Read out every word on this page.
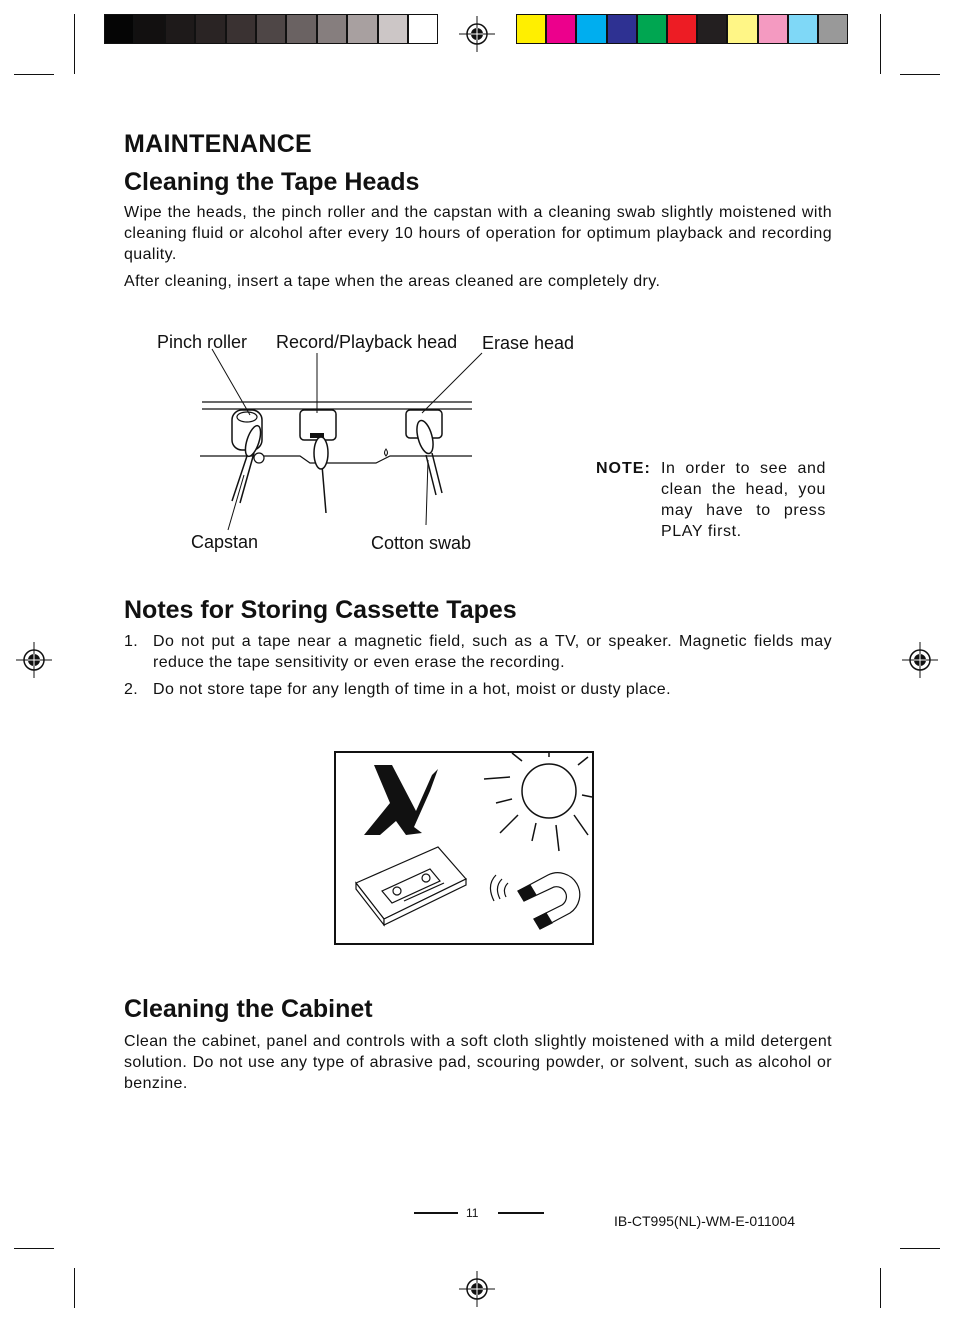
MAINTENANCE
Cleaning the Tape Heads
Wipe the heads, the pinch roller and the capstan with a cleaning swab slightly moistened with cleaning fluid or alcohol after every 10 hours of operation for optimum playback and recording quality.
After cleaning, insert a tape when the areas cleaned are completely dry.
Pinch roller Record/Playback head Erase head
Capstan	Cotton swab
NOTE: In order to see and clean the head, you may have to press PLAY first.
Notes for Storing Cassette Tapes
1. Do not put a tape near a magnetic field, such as a TV, or speaker. Magnetic fields may reduce the tape sensitivity or even erase the recording.
2. Do not store tape for any length of time in a hot, moist or dusty place.
Cleaning the Cabinet
Clean the cabinet, panel and controls with a soft cloth slightly moistened with a mild detergent solution. Do not use any type of abrasive pad, scouring powder, or solvent, such as alcohol or benzine.
11	IB-CT995(NL)-WM-E-011004
